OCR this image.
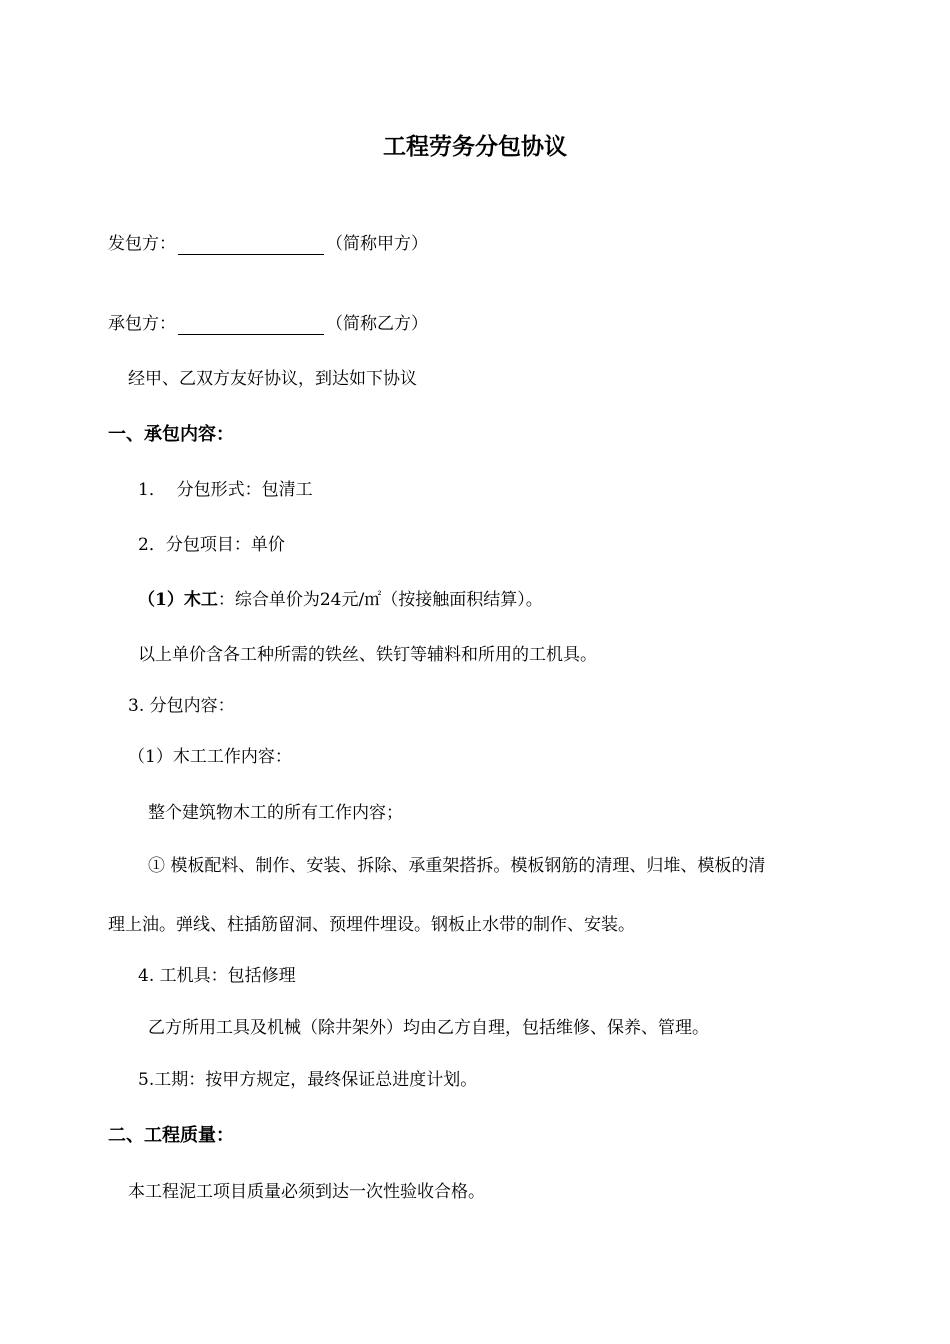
工程劳务分包协议
发包方：	（简称甲方）
承包方：	（简称乙方）
经甲、乙双方友好协议，到达如下协议
一、承包内容：
1．  分包形式：包清工
2．分包项目：单价
（1）木工：综合单价为24元/㎡（按接触面积结算）。
以上单价含各工种所需的铁丝、铁钉等辅料和所用的工机具。
3. 分包内容：
（1）木工工作内容：
整个建筑物木工的所有工作内容；
① 模板配料、制作、安装、拆除、承重架搭拆。模板钢筋的清理、归堆、模板的清
理上油。弹线、柱插筋留洞、预埋件埋设。钢板止水带的制作、安装。
4. 工机具：包括修理
乙方所用工具及机械（除井架外）均由乙方自理，包括维修、保养、管理。
5.工期：按甲方规定，最终保证总进度计划。
二、工程质量：
本工程泥工项目质量必须到达一次性验收合格。
